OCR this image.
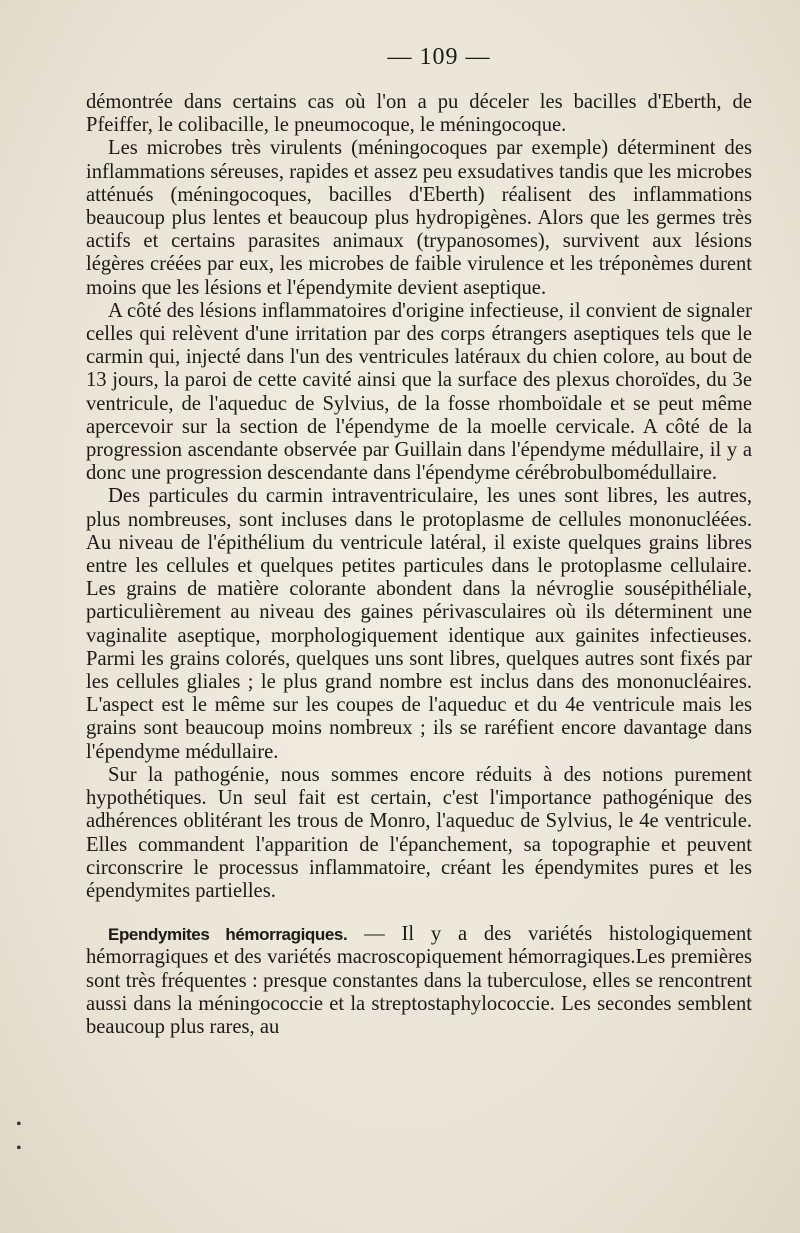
— 109 —

démontrée dans certains cas où l'on a pu déceler les bacilles d'Eberth, de Pfeiffer, le colibacille, le pneumocoque, le méningocoque.

Les microbes très virulents (méningocoques par exemple) déterminent des inflammations séreuses, rapides et assez peu exsudatives tandis que les microbes atténués (méningocoques, bacilles d'Eberth) réalisent des inflammations beaucoup plus lentes et beaucoup plus hydropigènes. Alors que les germes très actifs et certains parasites animaux (trypanosomes), survivent aux lésions légères créées par eux, les microbes de faible virulence et les tréponèmes durent moins que les lésions et l'épendymite devient aseptique.

A côté des lésions inflammatoires d'origine infectieuse, il convient de signaler celles qui relèvent d'une irritation par des corps étrangers aseptiques tels que le carmin qui, injecté dans l'un des ventricules latéraux du chien colore, au bout de 13 jours, la paroi de cette cavité ainsi que la surface des plexus choroïdes, du 3e ventricule, de l'aqueduc de Sylvius, de la fosse rhomboïdale et se peut même apercevoir sur la section de l'épendyme de la moelle cervicale. A côté de la progression ascendante observée par Guillain dans l'épendyme médullaire, il y a donc une progression descendante dans l'épendyme cérébrobulbomédullaire.

Des particules du carmin intraventriculaire, les unes sont libres, les autres, plus nombreuses, sont incluses dans le protoplasme de cellules mononucléées. Au niveau de l'épithélium du ventricule latéral, il existe quelques grains libres entre les cellules et quelques petites particules dans le protoplasme cellulaire. Les grains de matière colorante abondent dans la névroglie sousépithéliale, particulièrement au niveau des gaines périvasculaires où ils déterminent une vaginalite aseptique, morphologiquement identique aux gainites infectieuses. Parmi les grains colorés, quelques uns sont libres, quelques autres sont fixés par les cellules gliales ; le plus grand nombre est inclus dans des mononucléaires. L'aspect est le même sur les coupes de l'aqueduc et du 4e ventricule mais les grains sont beaucoup moins nombreux ; ils se raréfient encore davantage dans l'épendyme médullaire.

Sur la pathogénie, nous sommes encore réduits à des notions purement hypothétiques. Un seul fait est certain, c'est l'importance pathogénique des adhérences oblitérant les trous de Monro, l'aqueduc de Sylvius, le 4e ventricule. Elles commandent l'apparition de l'épanchement, sa topographie et peuvent circonscrire le processus inflammatoire, créant les épendymites pures et les épendymites partielles.

Ependymites hémorragiques. — Il y a des variétés histologiquement hémorragiques et des variétés macroscopiquement hémorragiques.Les premières sont très fréquentes : presque constantes dans la tuberculose, elles se rencontrent aussi dans la méningococcie et la streptostaphylococcie. Les secondes semblent beaucoup plus rares, au

•
•
